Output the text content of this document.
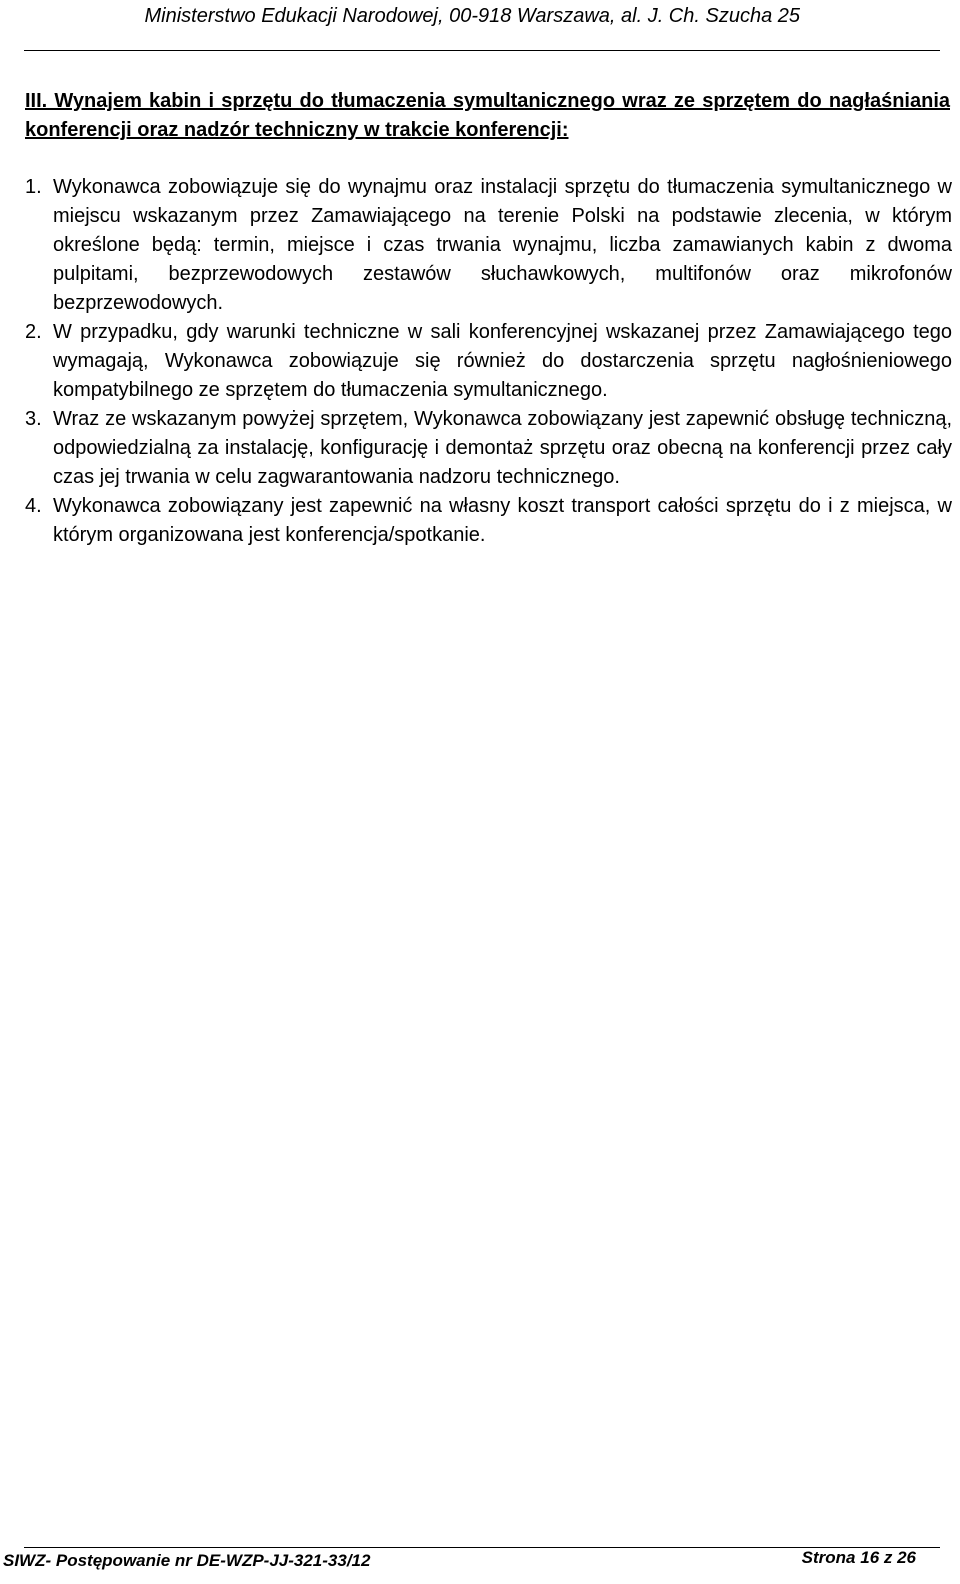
Ministerstwo Edukacji Narodowej, 00-918 Warszawa, al. J. Ch. Szucha 25
III. Wynajem kabin i sprzętu do tłumaczenia symultanicznego wraz ze sprzętem do nagłaśniania konferencji oraz nadzór techniczny w trakcie konferencji:
1. Wykonawca zobowiązuje się do wynajmu oraz instalacji sprzętu do tłumaczenia symultanicznego w miejscu wskazanym przez Zamawiającego na terenie Polski na podstawie zlecenia, w którym określone będą: termin, miejsce i czas trwania wynajmu, liczba zamawianych kabin z dwoma pulpitami, bezprzewodowych zestawów słuchawkowych, multifonów oraz mikrofonów bezprzewodowych.
2. W przypadku, gdy warunki techniczne w sali konferencyjnej wskazanej przez Zamawiającego tego wymagają, Wykonawca zobowiązuje się również do dostarczenia sprzętu nagłośnieniowego kompatybilnego ze sprzętem do tłumaczenia symultanicznego.
3. Wraz ze wskazanym powyżej sprzętem, Wykonawca zobowiązany jest zapewnić obsługę techniczną, odpowiedzialną za instalację, konfigurację i demontaż sprzętu oraz obecną na konferencji przez cały czas jej trwania w celu zagwarantowania nadzoru technicznego.
4. Wykonawca zobowiązany jest zapewnić na własny koszt transport całości sprzętu do i z miejsca, w którym organizowana jest konferencja/spotkanie.
SIWZ- Postępowanie nr DE-WZP-JJ-321-33/12	Strona 16 z 26
